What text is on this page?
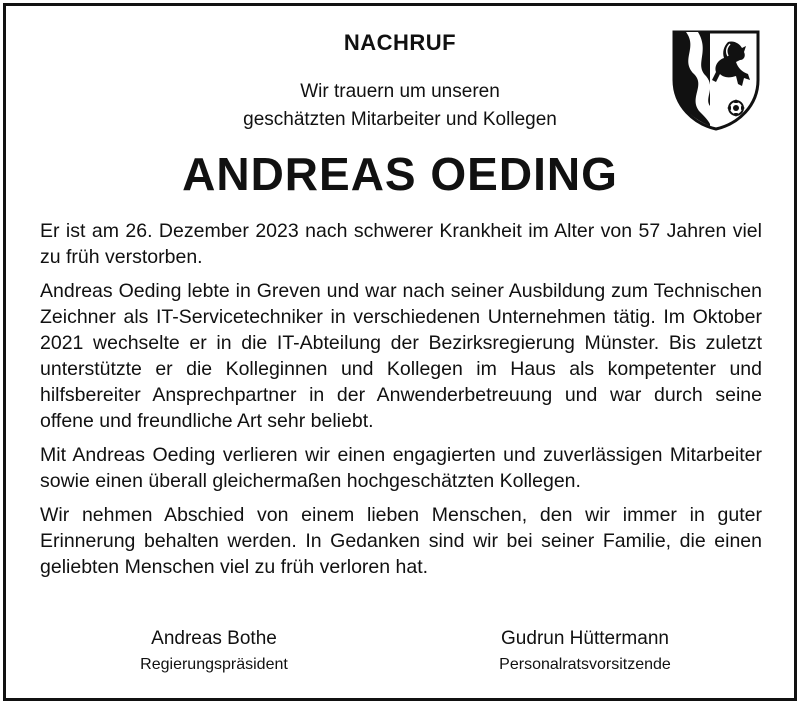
NACHRUF
Wir trauern um unseren
geschätzten Mitarbeiter und Kollegen
ANDREAS OEDING

Er ist am 26. Dezember 2023 nach schwerer Krankheit im Alter von 57 Jahren viel zu früh verstorben.

Andreas Oeding lebte in Greven und war nach seiner Ausbildung zum Technischen Zeichner als IT-Servicetechniker in verschiedenen Unternehmen tätig. Im Oktober 2021 wechselte er in die IT-Abteilung der Bezirksregierung Münster. Bis zuletzt unterstützte er die Kolleginnen und Kollegen im Haus als kompetenter und hilfsbereiter Ansprechpartner in der Anwenderbetreuung und war durch seine offene und freundliche Art sehr beliebt.

Mit Andreas Oeding verlieren wir einen engagierten und zuverlässigen Mitarbeiter sowie einen überall gleichermaßen hochgeschätzten Kollegen.

Wir nehmen Abschied von einem lieben Menschen, den wir immer in guter Erinnerung behalten werden. In Gedanken sind wir bei seiner Familie, die einen geliebten Menschen viel zu früh verloren hat.

Andreas Bothe
Regierungspräsident
Gudrun Hüttermann
Personalratsvorsitzende
